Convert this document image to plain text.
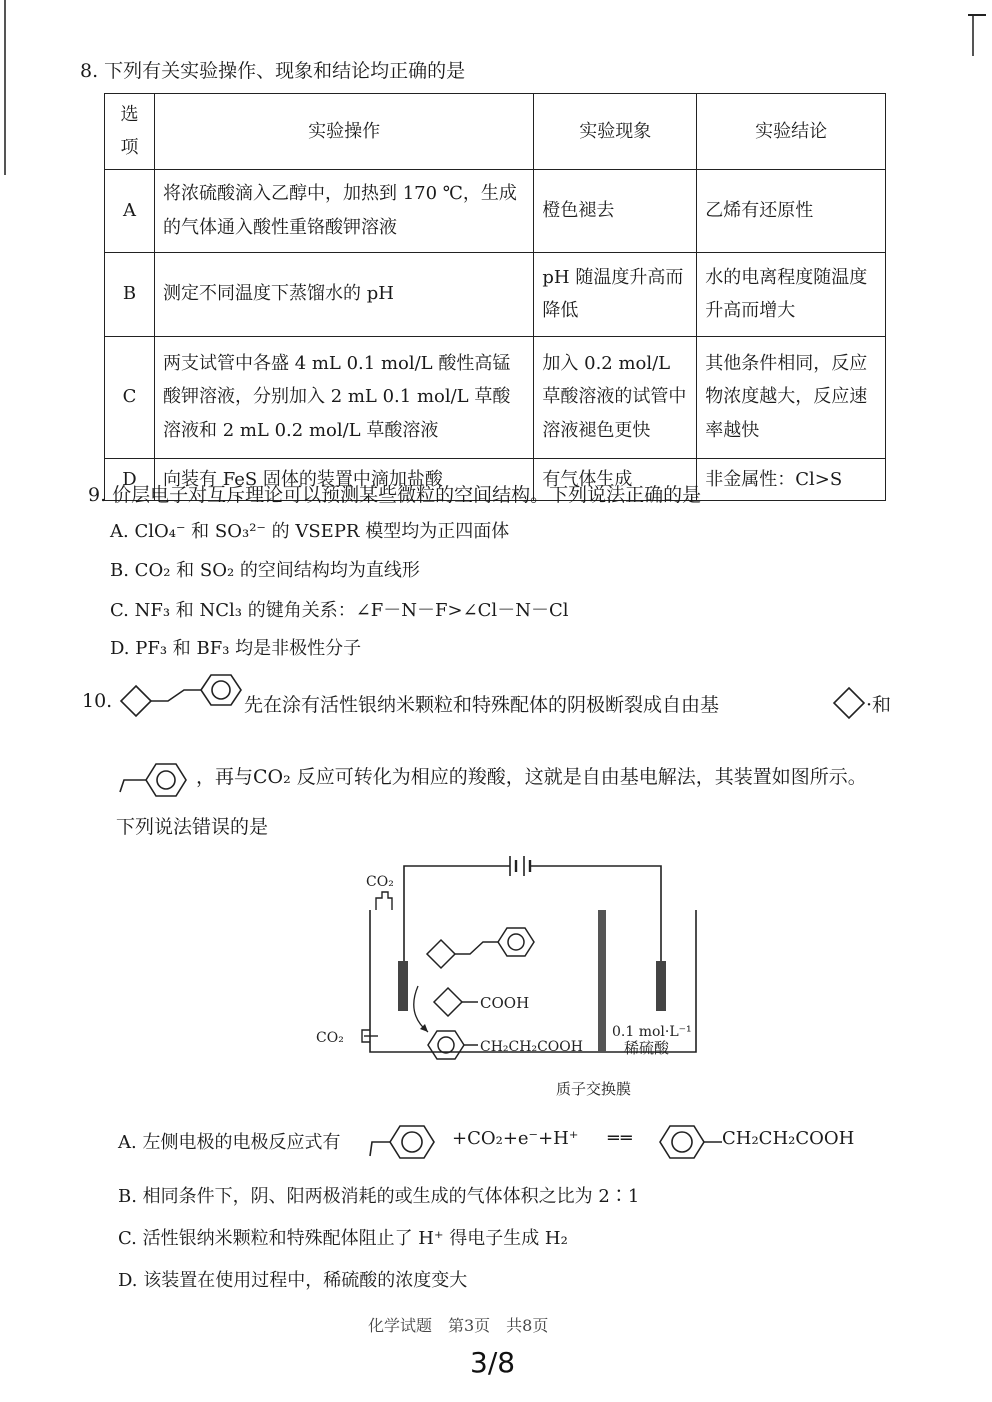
8. 下列有关实验操作、现象和结论均正确的是
选项	实验操作	实验现象	实验结论
A	将浓硫酸滴入乙醇中，加热到 170 ℃，生成的气体通入酸性重铬酸钾溶液	橙色褪去	乙烯有还原性
B	测定不同温度下蒸馏水的 pH	pH 随温度升高而降低	水的电离程度随温度升高而增大
C	两支试管中各盛 4 mL 0.1 mol/L 酸性高锰酸钾溶液，分别加入 2 mL 0.1 mol/L 草酸溶液和 2 mL 0.2 mol/L 草酸溶液	加入 0.2 mol/L 草酸溶液的试管中溶液褪色更快	其他条件相同，反应物浓度越大，反应速率越快
D	向装有 FeS 固体的装置中滴加盐酸	有气体生成	非金属性：Cl>S
9. 价层电子对互斥理论可以预测某些微粒的空间结构。下列说法正确的是
A. ClO₄⁻ 和 SO₃²⁻ 的 VSEPR 模型均为正四面体
B. CO₂ 和 SO₂ 的空间结构均为直线形
C. NF₃ 和 NCl₃ 的键角关系：∠F－N－F>∠Cl－N－Cl
D. PF₃ 和 BF₃ 均是非极性分子
10.	先在涂有活性银纳米颗粒和特殊配体的阴极断裂成自由基	·和
，再与CO₂ 反应可转化为相应的羧酸，这就是自由基电解法，其装置如图所示。
下列说法错误的是
CO₂
CO₂
COOH
CH₂CH₂COOH
0.1 mol·L⁻¹
稀硫酸
质子交换膜
A. 左侧电极的电极反应式有	+CO₂+e⁻+H⁺ ══	CH₂CH₂COOH
B. 相同条件下，阴、阳两极消耗的或生成的气体体积之比为 2∶1
C. 活性银纳米颗粒和特殊配体阻止了 H⁺ 得电子生成 H₂
D. 该装置在使用过程中，稀硫酸的浓度变大
化学试题　第3页　共8页
3/8
